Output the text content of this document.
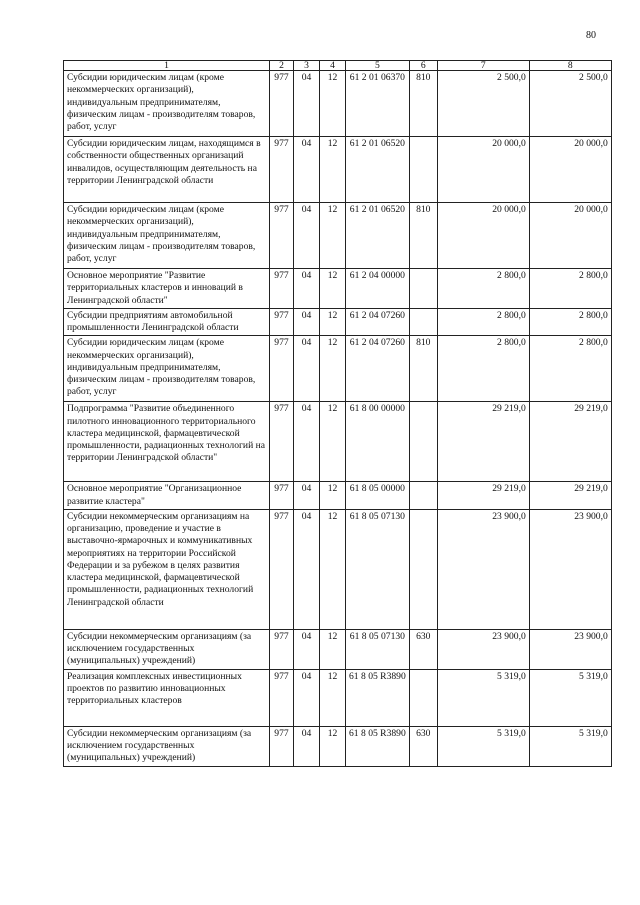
80
1	2	3	4	5	6	7	8
Субсидии юридическим лицам (кроме некоммерческих организаций), индивидуальным предпринимателям, физическим лицам - производителям товаров, работ, услуг	977	04	12	61 2 01 06370	810	2 500,0	2 500,0
Субсидии юридическим лицам, находящимся в собственности общественных организаций инвалидов, осуществляющим деятельность на территории Ленинградской области	977	04	12	61 2 01 06520		20 000,0	20 000,0
Субсидии юридическим лицам (кроме некоммерческих организаций), индивидуальным предпринимателям, физическим лицам - производителям товаров, работ, услуг	977	04	12	61 2 01 06520	810	20 000,0	20 000,0
Основное мероприятие "Развитие территориальных кластеров и инноваций в Ленинградской области"	977	04	12	61 2 04 00000		2 800,0	2 800,0
Субсидии предприятиям автомобильной промышленности Ленинградской области	977	04	12	61 2 04 07260		2 800,0	2 800,0
Субсидии юридическим лицам (кроме некоммерческих организаций), индивидуальным предпринимателям, физическим лицам - производителям товаров, работ, услуг	977	04	12	61 2 04 07260	810	2 800,0	2 800,0
Подпрограмма "Развитие объединенного пилотного инновационного территориального кластера медицинской, фармацевтической промышленности, радиационных технологий на территории Ленинградской области"	977	04	12	61 8 00 00000		29 219,0	29 219,0
Основное мероприятие "Организационное развитие кластера"	977	04	12	61 8 05 00000		29 219,0	29 219,0
Субсидии некоммерческим организациям на организацию, проведение и участие в выставочно-ярмарочных и коммуникативных мероприятиях на территории Российской Федерации и за рубежом в целях развития кластера медицинской, фармацевтической промышленности, радиационных технологий Ленинградской области	977	04	12	61 8 05 07130		23 900,0	23 900,0
Субсидии некоммерческим организациям (за исключением государственных (муниципальных) учреждений)	977	04	12	61 8 05 07130	630	23 900,0	23 900,0
Реализация комплексных инвестиционных проектов по развитию инновационных территориальных кластеров	977	04	12	61 8 05 R3890		5 319,0	5 319,0
Субсидии некоммерческим организациям (за исключением государственных (муниципальных) учреждений)	977	04	12	61 8 05 R3890	630	5 319,0	5 319,0
